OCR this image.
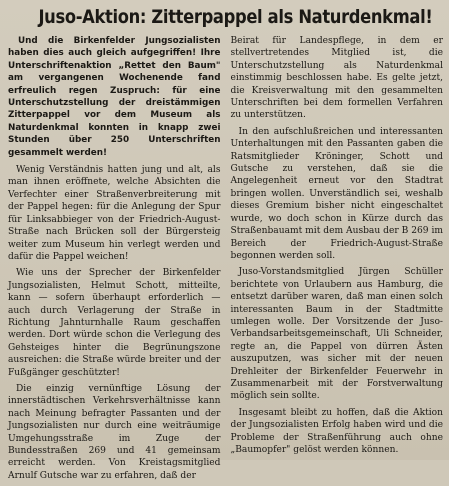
Juso-Aktion: Zitterpappel als Naturdenkmal!

Und die Birkenfelder Jungsozialisten haben dies auch gleich aufgegriffen! Ihre Unterschriftenaktion „Rettet den Baum" am vergangenen Wochenende fand erfreulich regen Zuspruch: für eine Unterschutzstellung der dreistämmigen Zitterpappel vor dem Museum als Naturdenkmal konnten in knapp zwei Stunden über 250 Unterschriften gesammelt werden!

Wenig Verständnis hatten jung und alt, als man ihnen eröffnete, welche Absichten die Verfechter einer Straßenverbreiterung mit der Pappel hegen: für die Anlegung der Spur für Linksabbieger von der Friedrich-August-Straße nach Brücken soll der Bürgersteig weiter zum Museum hin verlegt werden und dafür die Pappel weichen!

Wie uns der Sprecher der Birkenfelder Jungsozialisten, Helmut Schott, mitteilte, kann — sofern überhaupt erforderlich — auch durch Verlagerung der Straße in Richtung Jahnturnhalle Raum geschaffen werden. Dort würde schon die Verlegung des Gehsteiges hinter die Begrünungszone ausreichen: die Straße würde breiter und der Fußgänger geschützter!

Die einzig vernünftige Lösung der innerstädtischen Verkehrsverhältnisse kann nach Meinung befragter Passanten und der Jungsozialisten nur durch eine weiträumige Umgehungsstraße im Zuge der Bundesstraßen 269 und 41 gemeinsam erreicht werden. Von Kreistagsmitglied Arnulf Gutsche war zu erfahren, daß der

Beirat für Landespflege, in dem er stellvertretendes Mitglied ist, die Unterschutzstellung als Naturdenkmal einstimmig beschlossen habe. Es gelte jetzt, die Kreisverwaltung mit den gesammelten Unterschriften bei dem formellen Verfahren zu unterstützen.

In den aufschlußreichen und interessanten Unterhaltungen mit den Passanten gaben die Ratsmitglieder Kröninger, Schott und Gutsche zu verstehen, daß sie die Angelegenheit erneut vor den Stadtrat bringen wollen. Unverständlich sei, weshalb dieses Gremium bisher nicht eingeschaltet wurde, wo doch schon in Kürze durch das Straßenbauamt mit dem Ausbau der B 269 im Bereich der Friedrich-August-Straße begonnen werden soll.

Juso-Vorstandsmitglied Jürgen Schüller berichtete von Urlaubern aus Hamburg, die entsetzt darüber waren, daß man einen solch interessanten Baum in der Stadtmitte umlegen wolle. Der Vorsitzende der Juso-Verbandsarbeitsgemeinschaft, Uli Schneider, regte an, die Pappel von dürren Ästen auszuputzen, was sicher mit der neuen Drehleiter der Birkenfelder Feuerwehr in Zusammenarbeit mit der Forstverwaltung möglich sein sollte.

Insgesamt bleibt zu hoffen, daß die Aktion der Jungsozialisten Erfolg haben wird und die Probleme der Straßenführung auch ohne „Baumopfer" gelöst werden können.
